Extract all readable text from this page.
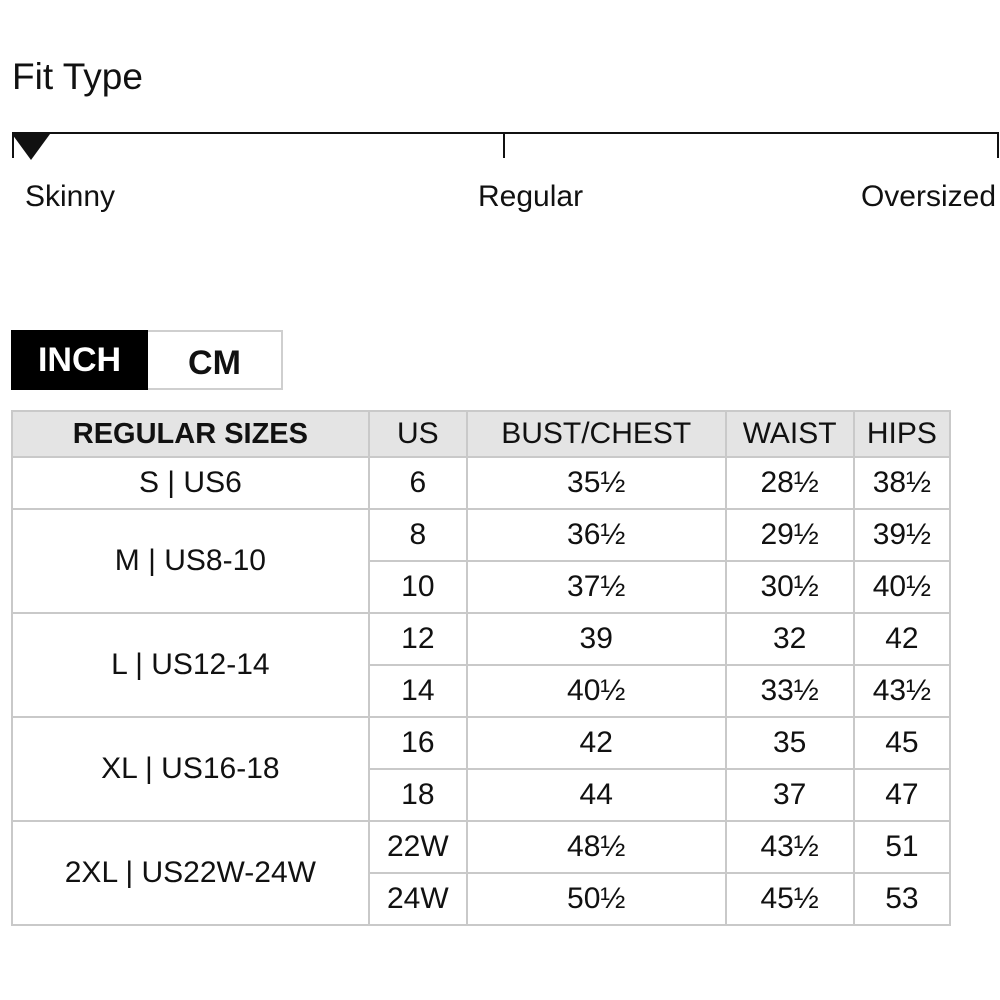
Fit Type
Skinny	Regular	Oversized
INCH	CM
REGULAR SIZES	US	BUST/CHEST	WAIST	HIPS
S | US6	6	35½	28½	38½
M | US8-10	8	36½	29½	39½
	10	37½	30½	40½
L | US12-14	12	39	32	42
	14	40½	33½	43½
XL | US16-18	16	42	35	45
	18	44	37	47
2XL | US22W-24W	22W	48½	43½	51
	24W	50½	45½	53
